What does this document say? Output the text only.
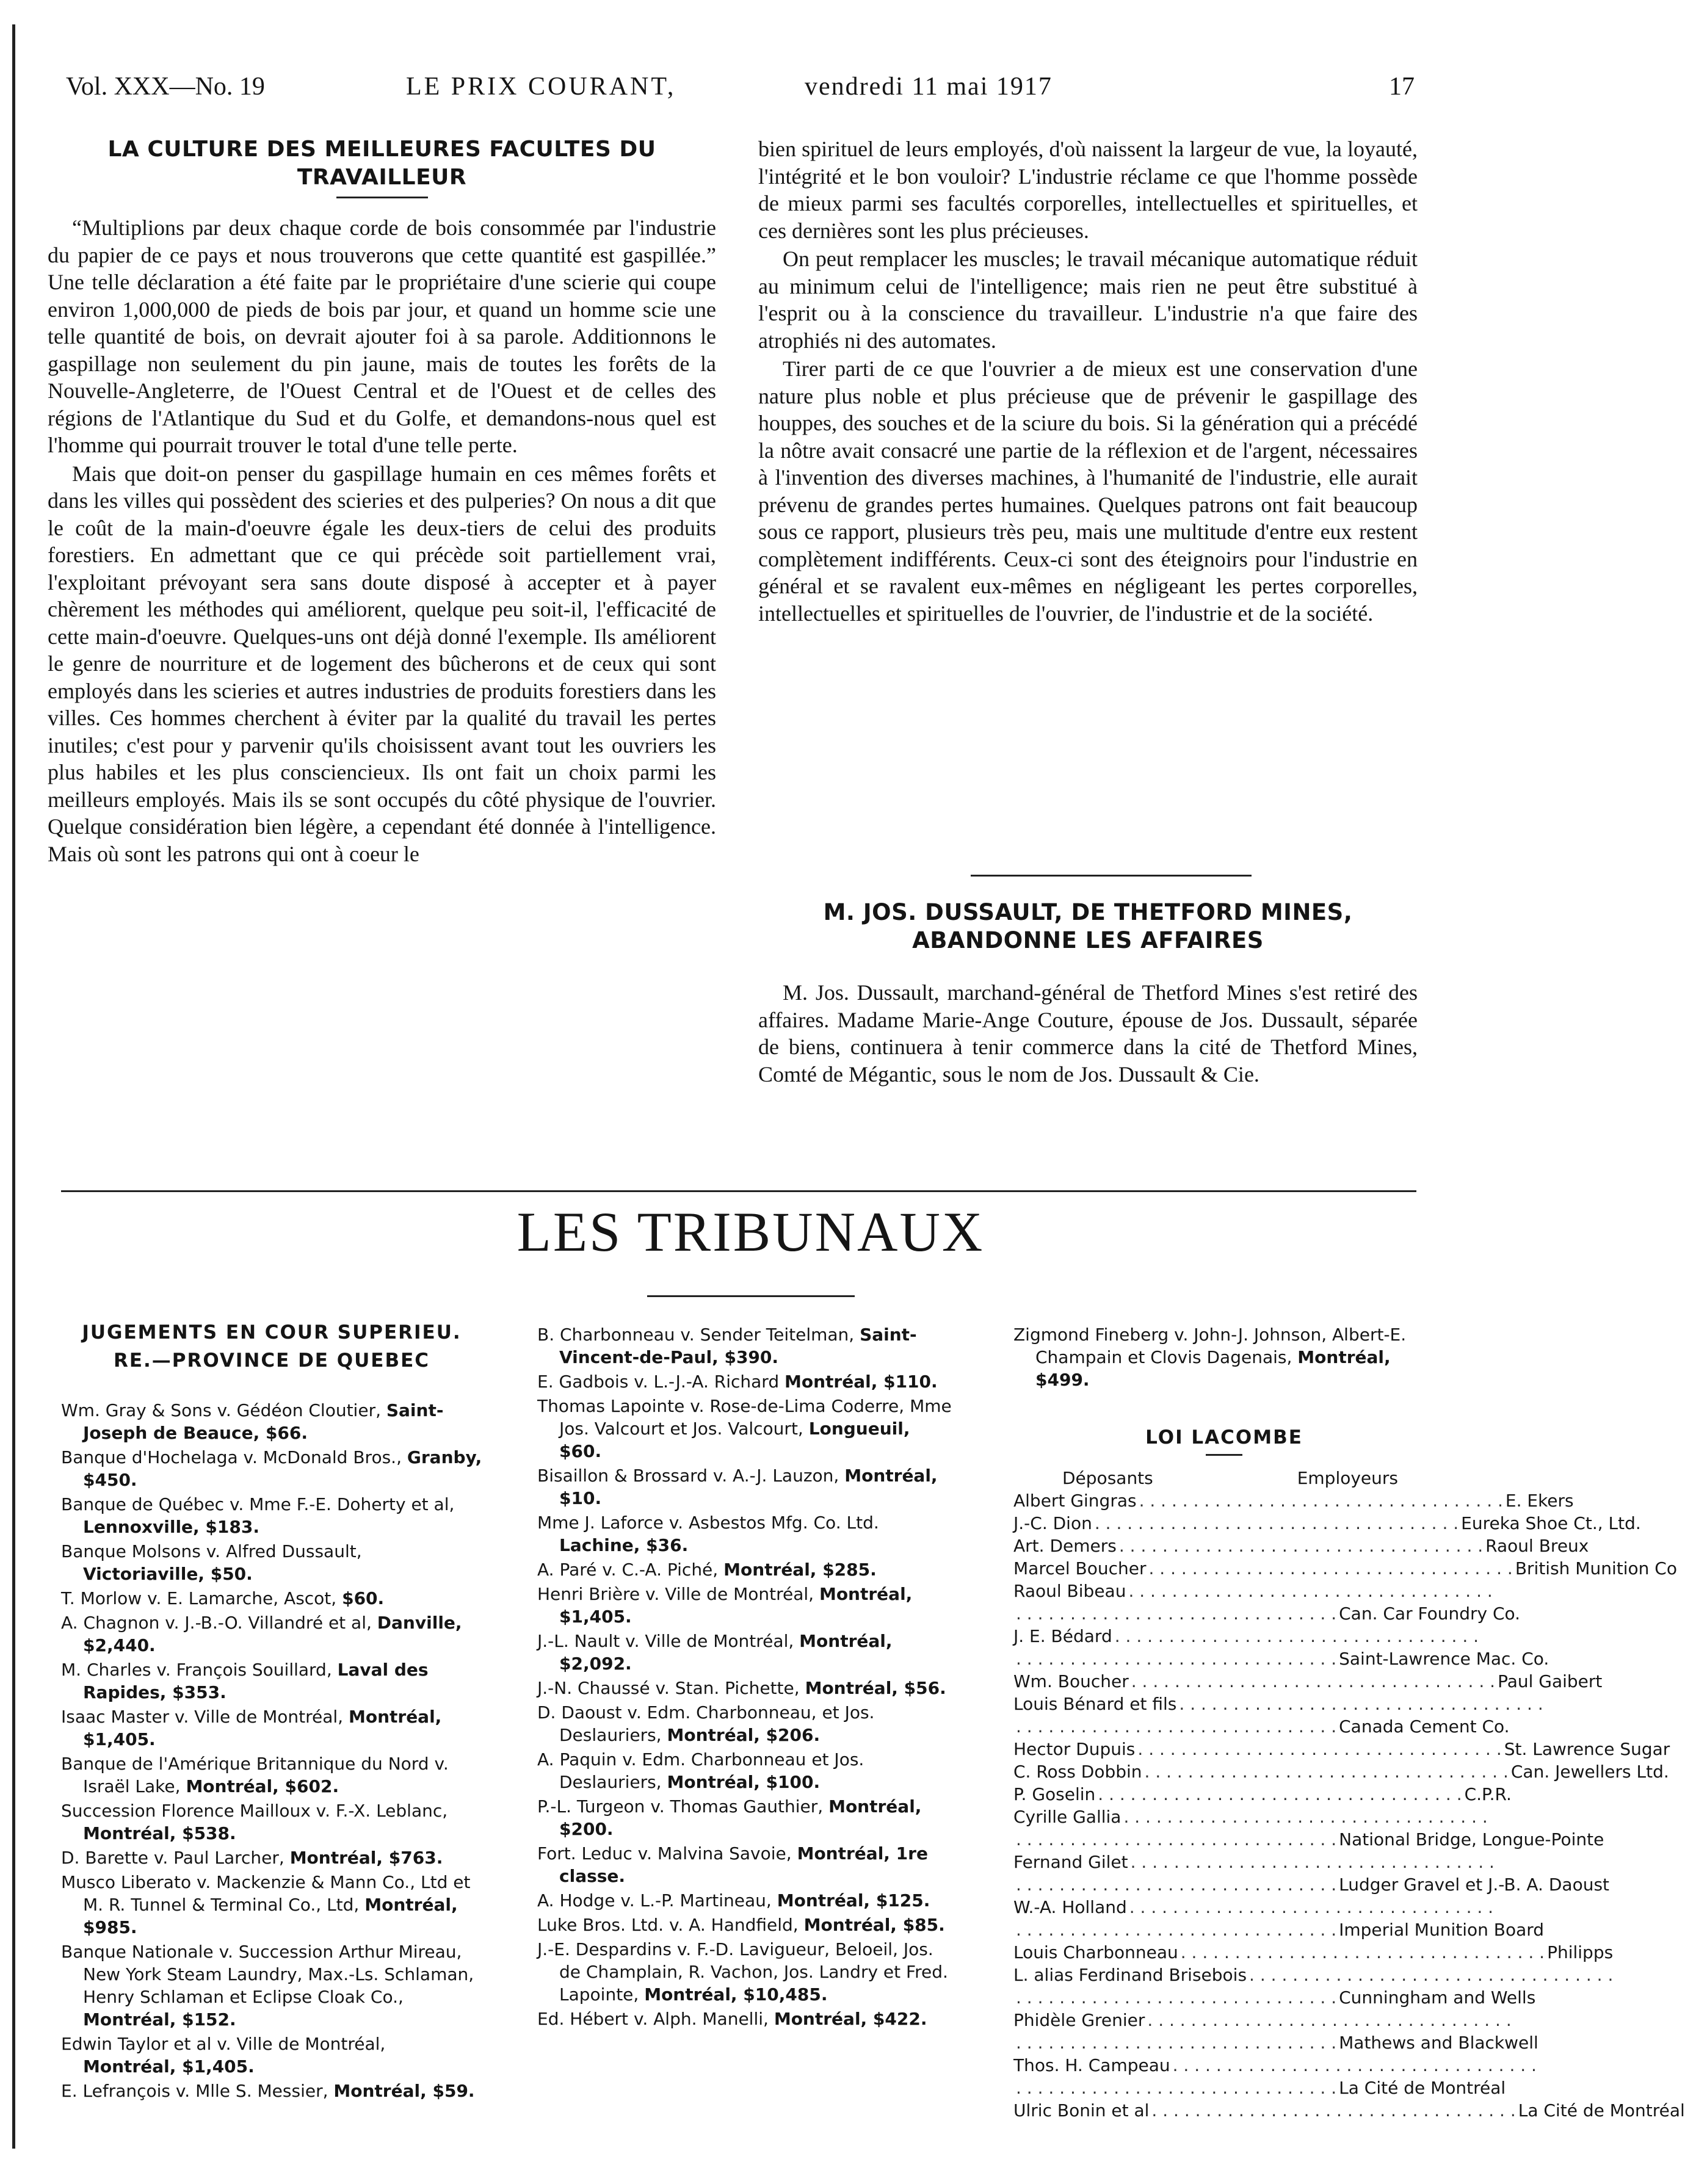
Vol. XXX—No. 19	LE PRIX COURANT,	vendredi 11 mai 1917	17
LA CULTURE DES MEILLEURES FACULTES DU TRAVAILLEUR

“Multiplions par deux chaque corde de bois consommée par l'industrie du papier de ce pays et nous trouverons que cette quantité est gaspillée.” Une telle déclaration a été faite par le propriétaire d'une scierie qui coupe environ 1,000,000 de pieds de bois par jour, et quand un homme scie une telle quantité de bois, on devrait ajouter foi à sa parole. Additionnons le gaspillage non seulement du pin jaune, mais de toutes les forêts de la Nouvelle-Angleterre, de l'Ouest Central et de l'Ouest et de celles des régions de l'Atlantique du Sud et du Golfe, et demandons-nous quel est l'homme qui pourrait trouver le total d'une telle perte.

Mais que doit-on penser du gaspillage humain en ces mêmes forêts et dans les villes qui possèdent des scieries et des pulperies? On nous a dit que le coût de la main-d'oeuvre égale les deux-tiers de celui des produits forestiers. En admettant que ce qui précède soit partiellement vrai, l'exploitant prévoyant sera sans doute disposé à accepter et à payer chèrement les méthodes qui améliorent, quelque peu soit-il, l'efficacité de cette main-d'oeuvre. Quelques-uns ont déjà donné l'exemple. Ils améliorent le genre de nourriture et de logement des bûcherons et de ceux qui sont employés dans les scieries et autres industries de produits forestiers dans les villes. Ces hommes cherchent à éviter par la qualité du travail les pertes inutiles; c'est pour y parvenir qu'ils choisissent avant tout les ouvriers les plus habiles et les plus consciencieux. Ils ont fait un choix parmi les meilleurs employés. Mais ils se sont occupés du côté physique de l'ouvrier. Quelque considération bien légère, a cependant été donnée à l'intelligence. Mais où sont les patrons qui ont à coeur le

bien spirituel de leurs employés, d'où naissent la largeur de vue, la loyauté, l'intégrité et le bon vouloir? L'industrie réclame ce que l'homme possède de mieux parmi ses facultés corporelles, intellectuelles et spirituelles, et ces dernières sont les plus précieuses.

On peut remplacer les muscles; le travail mécanique automatique réduit au minimum celui de l'intelligence; mais rien ne peut être substitué à l'esprit ou à la conscience du travailleur. L'industrie n'a que faire des atrophiés ni des automates.

Tirer parti de ce que l'ouvrier a de mieux est une conservation d'une nature plus noble et plus précieuse que de prévenir le gaspillage des houppes, des souches et de la sciure du bois. Si la génération qui a précédé la nôtre avait consacré une partie de la réflexion et de l'argent, nécessaires à l'invention des diverses machines, à l'humanité de l'industrie, elle aurait prévenu de grandes pertes humaines. Quelques patrons ont fait beaucoup sous ce rapport, plusieurs très peu, mais une multitude d'entre eux restent complètement indifférents. Ceux-ci sont des éteignoirs pour l'industrie en général et se ravalent eux-mêmes en négligeant les pertes corporelles, intellectuelles et spirituelles de l'ouvrier, de l'industrie et de la société.

M. JOS. DUSSAULT, DE THETFORD MINES,
ABANDONNE LES AFFAIRES

M. Jos. Dussault, marchand-général de Thetford Mines s'est retiré des affaires. Madame Marie-Ange Couture, épouse de Jos. Dussault, séparée de biens, continuera à tenir commerce dans la cité de Thetford Mines, Comté de Mégantic, sous le nom de Jos. Dussault & Cie.

LES TRIBUNAUX
JUGEMENTS EN COUR SUPERIEU.
RE.—PROVINCE DE QUEBEC
Wm. Gray & Sons v. Gédéon Cloutier, Saint-Joseph de Beauce, $66.
Banque d'Hochelaga v. McDonald Bros., Granby, $450.
Banque de Québec v. Mme F.-E. Doherty et al, Lennoxville, $183.
Banque Molsons v. Alfred Dussault, Victoriaville, $50.
T. Morlow v. E. Lamarche, Ascot, $60.
A. Chagnon v. J.-B.-O. Villandré et al, Danville, $2,440.
M. Charles v. François Souillard, Laval des Rapides, $353.
Isaac Master v. Ville de Montréal, Montréal, $1,405.
Banque de l'Amérique Britannique du Nord v. Israël Lake, Montréal, $602.
Succession Florence Mailloux v. F.-X. Leblanc, Montréal, $538.
D. Barette v. Paul Larcher, Montréal, $763.
Musco Liberato v. Mackenzie & Mann Co., Ltd et M. R. Tunnel & Terminal Co., Ltd, Montréal, $985.
Banque Nationale v. Succession Arthur Mireau, New York Steam Laundry, Max.-Ls. Schlaman, Henry Schlaman et Eclipse Cloak Co., Montréal, $152.
Edwin Taylor et al v. Ville de Montréal, Montréal, $1,405.
E. Lefrançois v. Mlle S. Messier, Montréal, $59.
B. Charbonneau v. Sender Teitelman, Saint-Vincent-de-Paul, $390.
E. Gadbois v. L.-J.-A. Richard Montréal, $110.
Thomas Lapointe v. Rose-de-Lima Coderre, Mme Jos. Valcourt et Jos. Valcourt, Longueuil, $60.
Bisaillon & Brossard v. A.-J. Lauzon, Montréal, $10.
Mme J. Laforce v. Asbestos Mfg. Co. Ltd. Lachine, $36.
A. Paré v. C.-A. Piché, Montréal, $285.
Henri Brière v. Ville de Montréal, Montréal, $1,405.
J.-L. Nault v. Ville de Montréal, Montréal, $2,092.
J.-N. Chaussé v. Stan. Pichette, Montréal, $56.
D. Daoust v. Edm. Charbonneau, et Jos. Deslauriers, Montréal, $206.
A. Paquin v. Edm. Charbonneau et Jos. Deslauriers, Montréal, $100.
P.-L. Turgeon v. Thomas Gauthier, Montréal, $200.
Fort. Leduc v. Malvina Savoie, Montréal, 1re classe.
A. Hodge v. L.-P. Martineau, Montréal, $125.
Luke Bros. Ltd. v. A. Handfield, Montréal, $85.
J.-E. Despardins v. F.-D. Lavigueur, Beloeil, Jos. de Champlain, R. Vachon, Jos. Landry et Fred. Lapointe, Montréal, $10,485.
Ed. Hébert v. Alph. Manelli, Montréal, $422.
Zigmond Fineberg v. John-J. Johnson, Albert-E. Champain et Clovis Dagenais, Montréal, $499.
LOI LACOMBE
Déposants	Employeurs
Albert Gingras . . . . . . . . . . . . . . . . . . . . . . . . . . . . . . . . . . E. Ekers
J.-C. Dion . . . . . . . . . . . . . . . . . . . . . . . . . . . . . . . . . . Eureka Shoe Ct., Ltd.
Art. Demers . . . . . . . . . . . . . . . . . . . . . . . . . . . . . . . . . . Raoul Breux
Marcel Boucher . . . . . . . . . . . . . . . . . . . . . . . . . . . . . . . . . . British Munition Co
Raoul Bibeau . . . . . . . . . . . . . . . . . . . . . . . . . . . . . . . . . .
. . . . . . . . . . . . . . . . . . . . . . . . . . . . . . Can. Car Foundry Co.
J. E. Bédard . . . . . . . . . . . . . . . . . . . . . . . . . . . . . . . . . .
. . . . . . . . . . . . . . . . . . . . . . . . . . . . . . Saint-Lawrence Mac. Co.
Wm. Boucher . . . . . . . . . . . . . . . . . . . . . . . . . . . . . . . . . . Paul Gaibert
Louis Bénard et fils . . . . . . . . . . . . . . . . . . . . . . . . . . . . . . . . . .
. . . . . . . . . . . . . . . . . . . . . . . . . . . . . . Canada Cement Co.
Hector Dupuis . . . . . . . . . . . . . . . . . . . . . . . . . . . . . . . . . . St. Lawrence Sugar
C. Ross Dobbin . . . . . . . . . . . . . . . . . . . . . . . . . . . . . . . . . . Can. Jewellers Ltd.
P. Goselin . . . . . . . . . . . . . . . . . . . . . . . . . . . . . . . . . . C.P.R.
Cyrille Gallia . . . . . . . . . . . . . . . . . . . . . . . . . . . . . . . . . .
. . . . . . . . . . . . . . . . . . . . . . . . . . . . . . National Bridge, Longue-Pointe
Fernand Gilet . . . . . . . . . . . . . . . . . . . . . . . . . . . . . . . . . .
. . . . . . . . . . . . . . . . . . . . . . . . . . . . . . Ludger Gravel et J.-B. A. Daoust
W.-A. Holland . . . . . . . . . . . . . . . . . . . . . . . . . . . . . . . . . .
. . . . . . . . . . . . . . . . . . . . . . . . . . . . . . Imperial Munition Board
Louis Charbonneau . . . . . . . . . . . . . . . . . . . . . . . . . . . . . . . . . . Philipps
L. alias Ferdinand Brisebois . . . . . . . . . . . . . . . . . . . . . . . . . . . . . . . . . .
. . . . . . . . . . . . . . . . . . . . . . . . . . . . . . Cunningham and Wells
Phidèle Grenier . . . . . . . . . . . . . . . . . . . . . . . . . . . . . . . . . .
. . . . . . . . . . . . . . . . . . . . . . . . . . . . . . Mathews and Blackwell
Thos. H. Campeau . . . . . . . . . . . . . . . . . . . . . . . . . . . . . . . . . .
. . . . . . . . . . . . . . . . . . . . . . . . . . . . . . La Cité de Montréal
Ulric Bonin et al . . . . . . . . . . . . . . . . . . . . . . . . . . . . . . . . . . La Cité de Montréal
